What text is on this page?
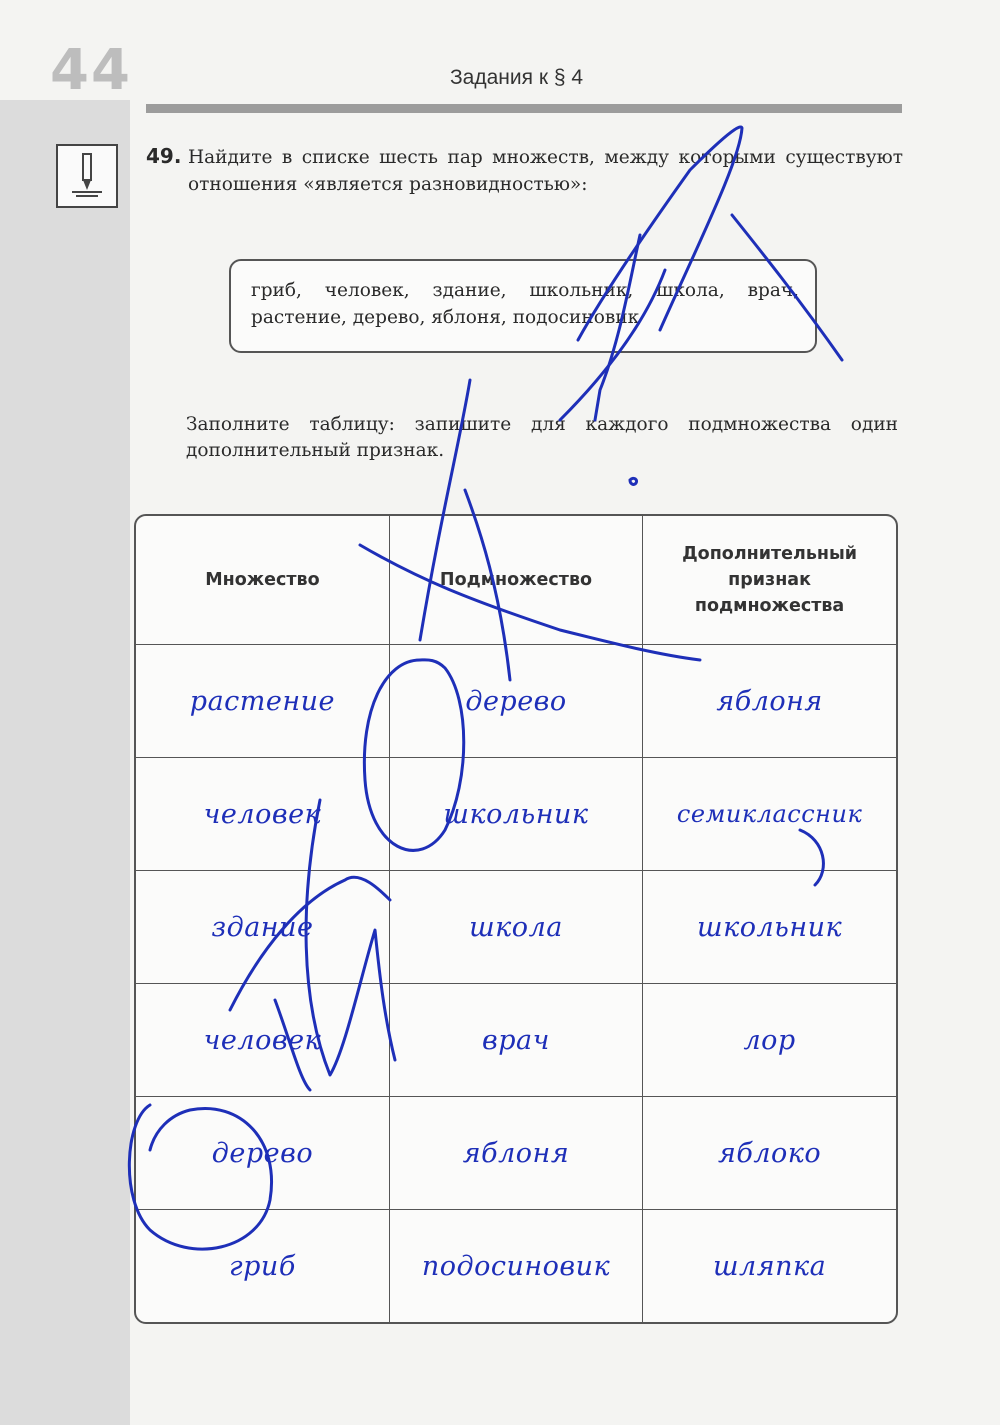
44	Задания к § 4
49. Найдите в списке шесть пар множеств, между которыми существуют отношения «является разновидностью»:

гриб, человек, здание, школьник, школа, врач, растение, дерево, яблоня, подосиновик

Заполните таблицу: запишите для каждого подмножества один дополнительный признак.
Множество	Подмножество	Дополнительный признак подмножества
растение	дерево	яблоня
человек	школьник	семиклассник
здание	школа	школьник
человек	врач	лор
дерево	яблоня	яблоко
гриб	подосиновик	шляпка
